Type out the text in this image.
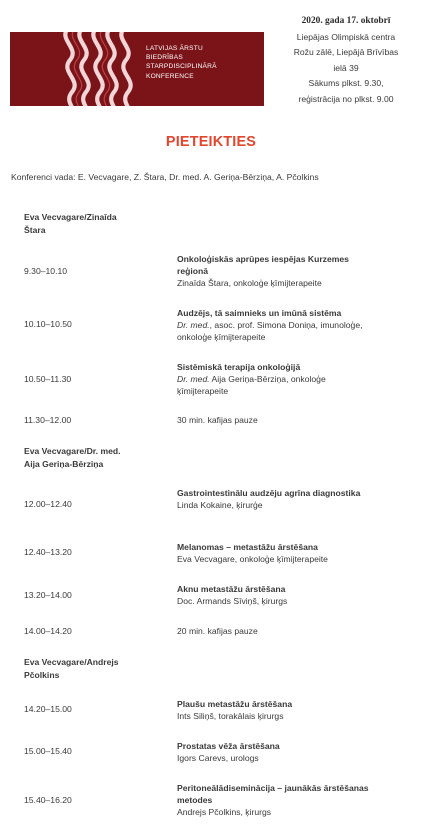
LATVIJAS ĀRSTU
BIEDRĪBAS
STARPDISCIPLINĀRĀ
KONFERENCE
2020. gada 17. oktobrī
Liepājas Olimpiskā centra
Rožu zālē, Liepājā Brīvības
ielā 39
Sākums plkst. 9.30,
reģistrācija no plkst. 9.00
PIETEIKTIES
Konferenci vada: E. Vecvagare, Z. Štara, Dr. med. A. Geriņa-Bērziņa, A. Pčolkins
Eva Vecvagare/Zinaīda
Štara
9.30–10.10
Onkoloģiskās aprūpes iespējas Kurzemes reģionā
Zinaīda Štara, onkoloģe ķīmijterapeite
10.10–10.50
Audzējs, tā saimnieks un imūnā sistēma
Dr. med., asoc. prof. Simona Doniņa, imunoloģe, onkoloģe ķīmijterapeite
10.50–11.30
Sistēmiskā terapija onkoloģijā
Dr. med. Aija Geriņa-Bērziņa, onkoloģe ķīmijterapeite
11.30–12.00	30 min. kafijas pauze
Eva Vecvagare/Dr. med.
Aija Geriņa-Bērziņa
12.00–12.40
Gastrointestinālu audzēju agrīna diagnostika
Linda Kokaine, ķirurģe
12.40–13.20	Melanomas – metastāžu ārstēšana
Eva Vecvagare, onkoloģe ķīmijterapeite
13.20–14.00
Aknu metastāžu ārstēšana
Doc. Armands Sīviņš, ķirurgs
14.00–14.20	20 min. kafijas pauze
Eva Vecvagare/Andrejs
Pčolkins
14.20–15.00	Plaušu metastāžu ārstēšana
Ints Siliņš, torakālais ķirurgs
15.00–15.40	Prostatas vēža ārstēšana
Igors Carevs, urologs
15.40–16.20
Peritoneālādiseminācija – jaunākās ārstēšanas metodes
Andrejs Pčolkins, ķirurgs
